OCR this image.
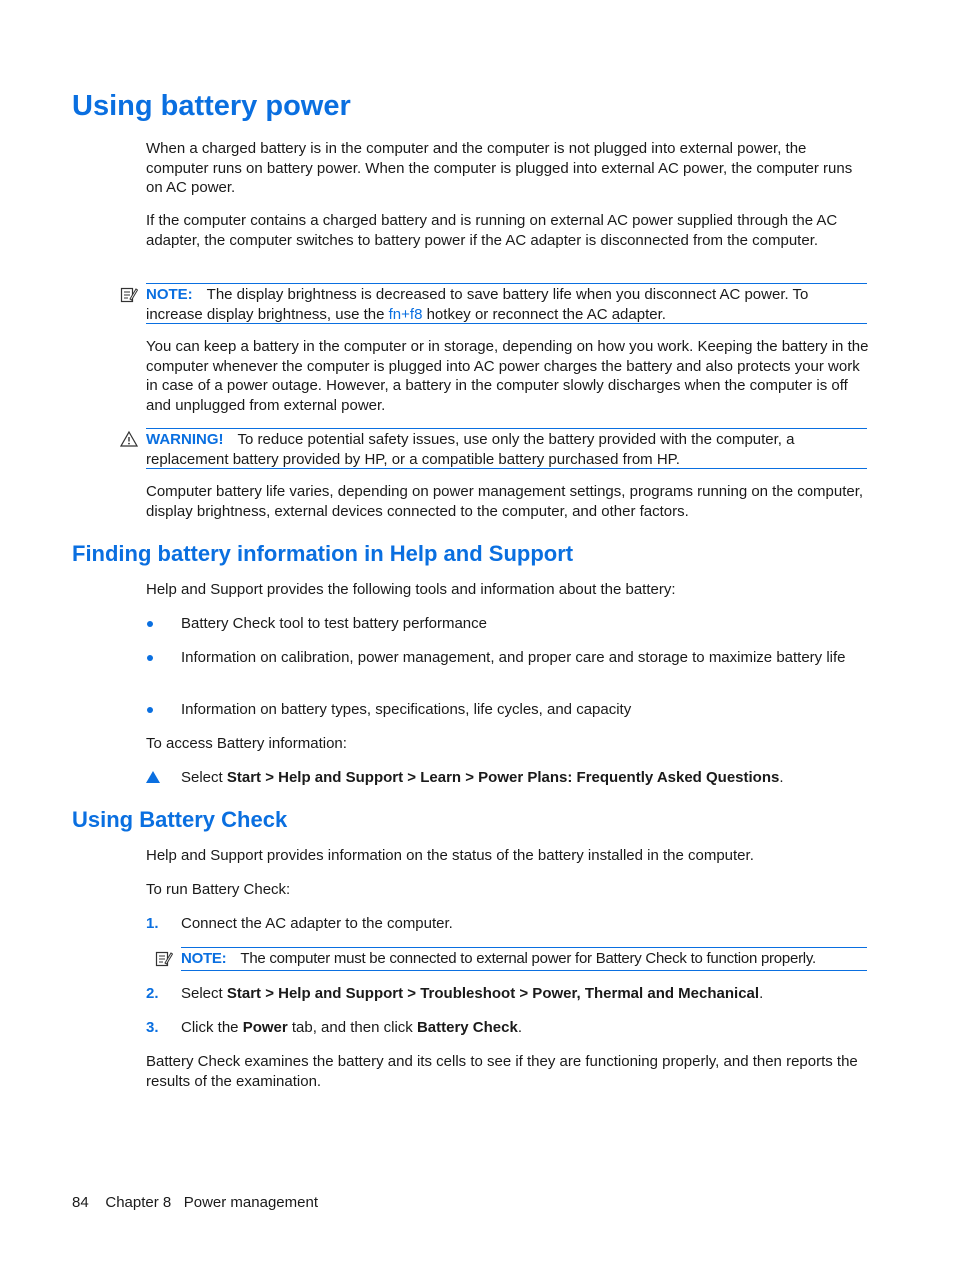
Using battery power

When a charged battery is in the computer and the computer is not plugged into external power, the computer runs on battery power. When the computer is plugged into external AC power, the computer runs on AC power.

If the computer contains a charged battery and is running on external AC power supplied through the AC adapter, the computer switches to battery power if the AC adapter is disconnected from the computer.

NOTE: The display brightness is decreased to save battery life when you disconnect AC power. To increase display brightness, use the fn+f8 hotkey or reconnect the AC adapter.

You can keep a battery in the computer or in storage, depending on how you work. Keeping the battery in the computer whenever the computer is plugged into AC power charges the battery and also protects your work in case of a power outage. However, a battery in the computer slowly discharges when the computer is off and unplugged from external power.

WARNING! To reduce potential safety issues, use only the battery provided with the computer, a replacement battery provided by HP, or a compatible battery purchased from HP.

Computer battery life varies, depending on power management settings, programs running on the computer, display brightness, external devices connected to the computer, and other factors.

Finding battery information in Help and Support

Help and Support provides the following tools and information about the battery:

Battery Check tool to test battery performance

Information on calibration, power management, and proper care and storage to maximize battery life

Information on battery types, specifications, life cycles, and capacity

To access Battery information:

Select Start > Help and Support > Learn > Power Plans: Frequently Asked Questions.

Using Battery Check

Help and Support provides information on the status of the battery installed in the computer.

To run Battery Check:

1. Connect the AC adapter to the computer.

NOTE: The computer must be connected to external power for Battery Check to function properly.

2. Select Start > Help and Support > Troubleshoot > Power, Thermal and Mechanical.

3. Click the Power tab, and then click Battery Check.

Battery Check examines the battery and its cells to see if they are functioning properly, and then reports the results of the examination.

84 Chapter 8 Power management
